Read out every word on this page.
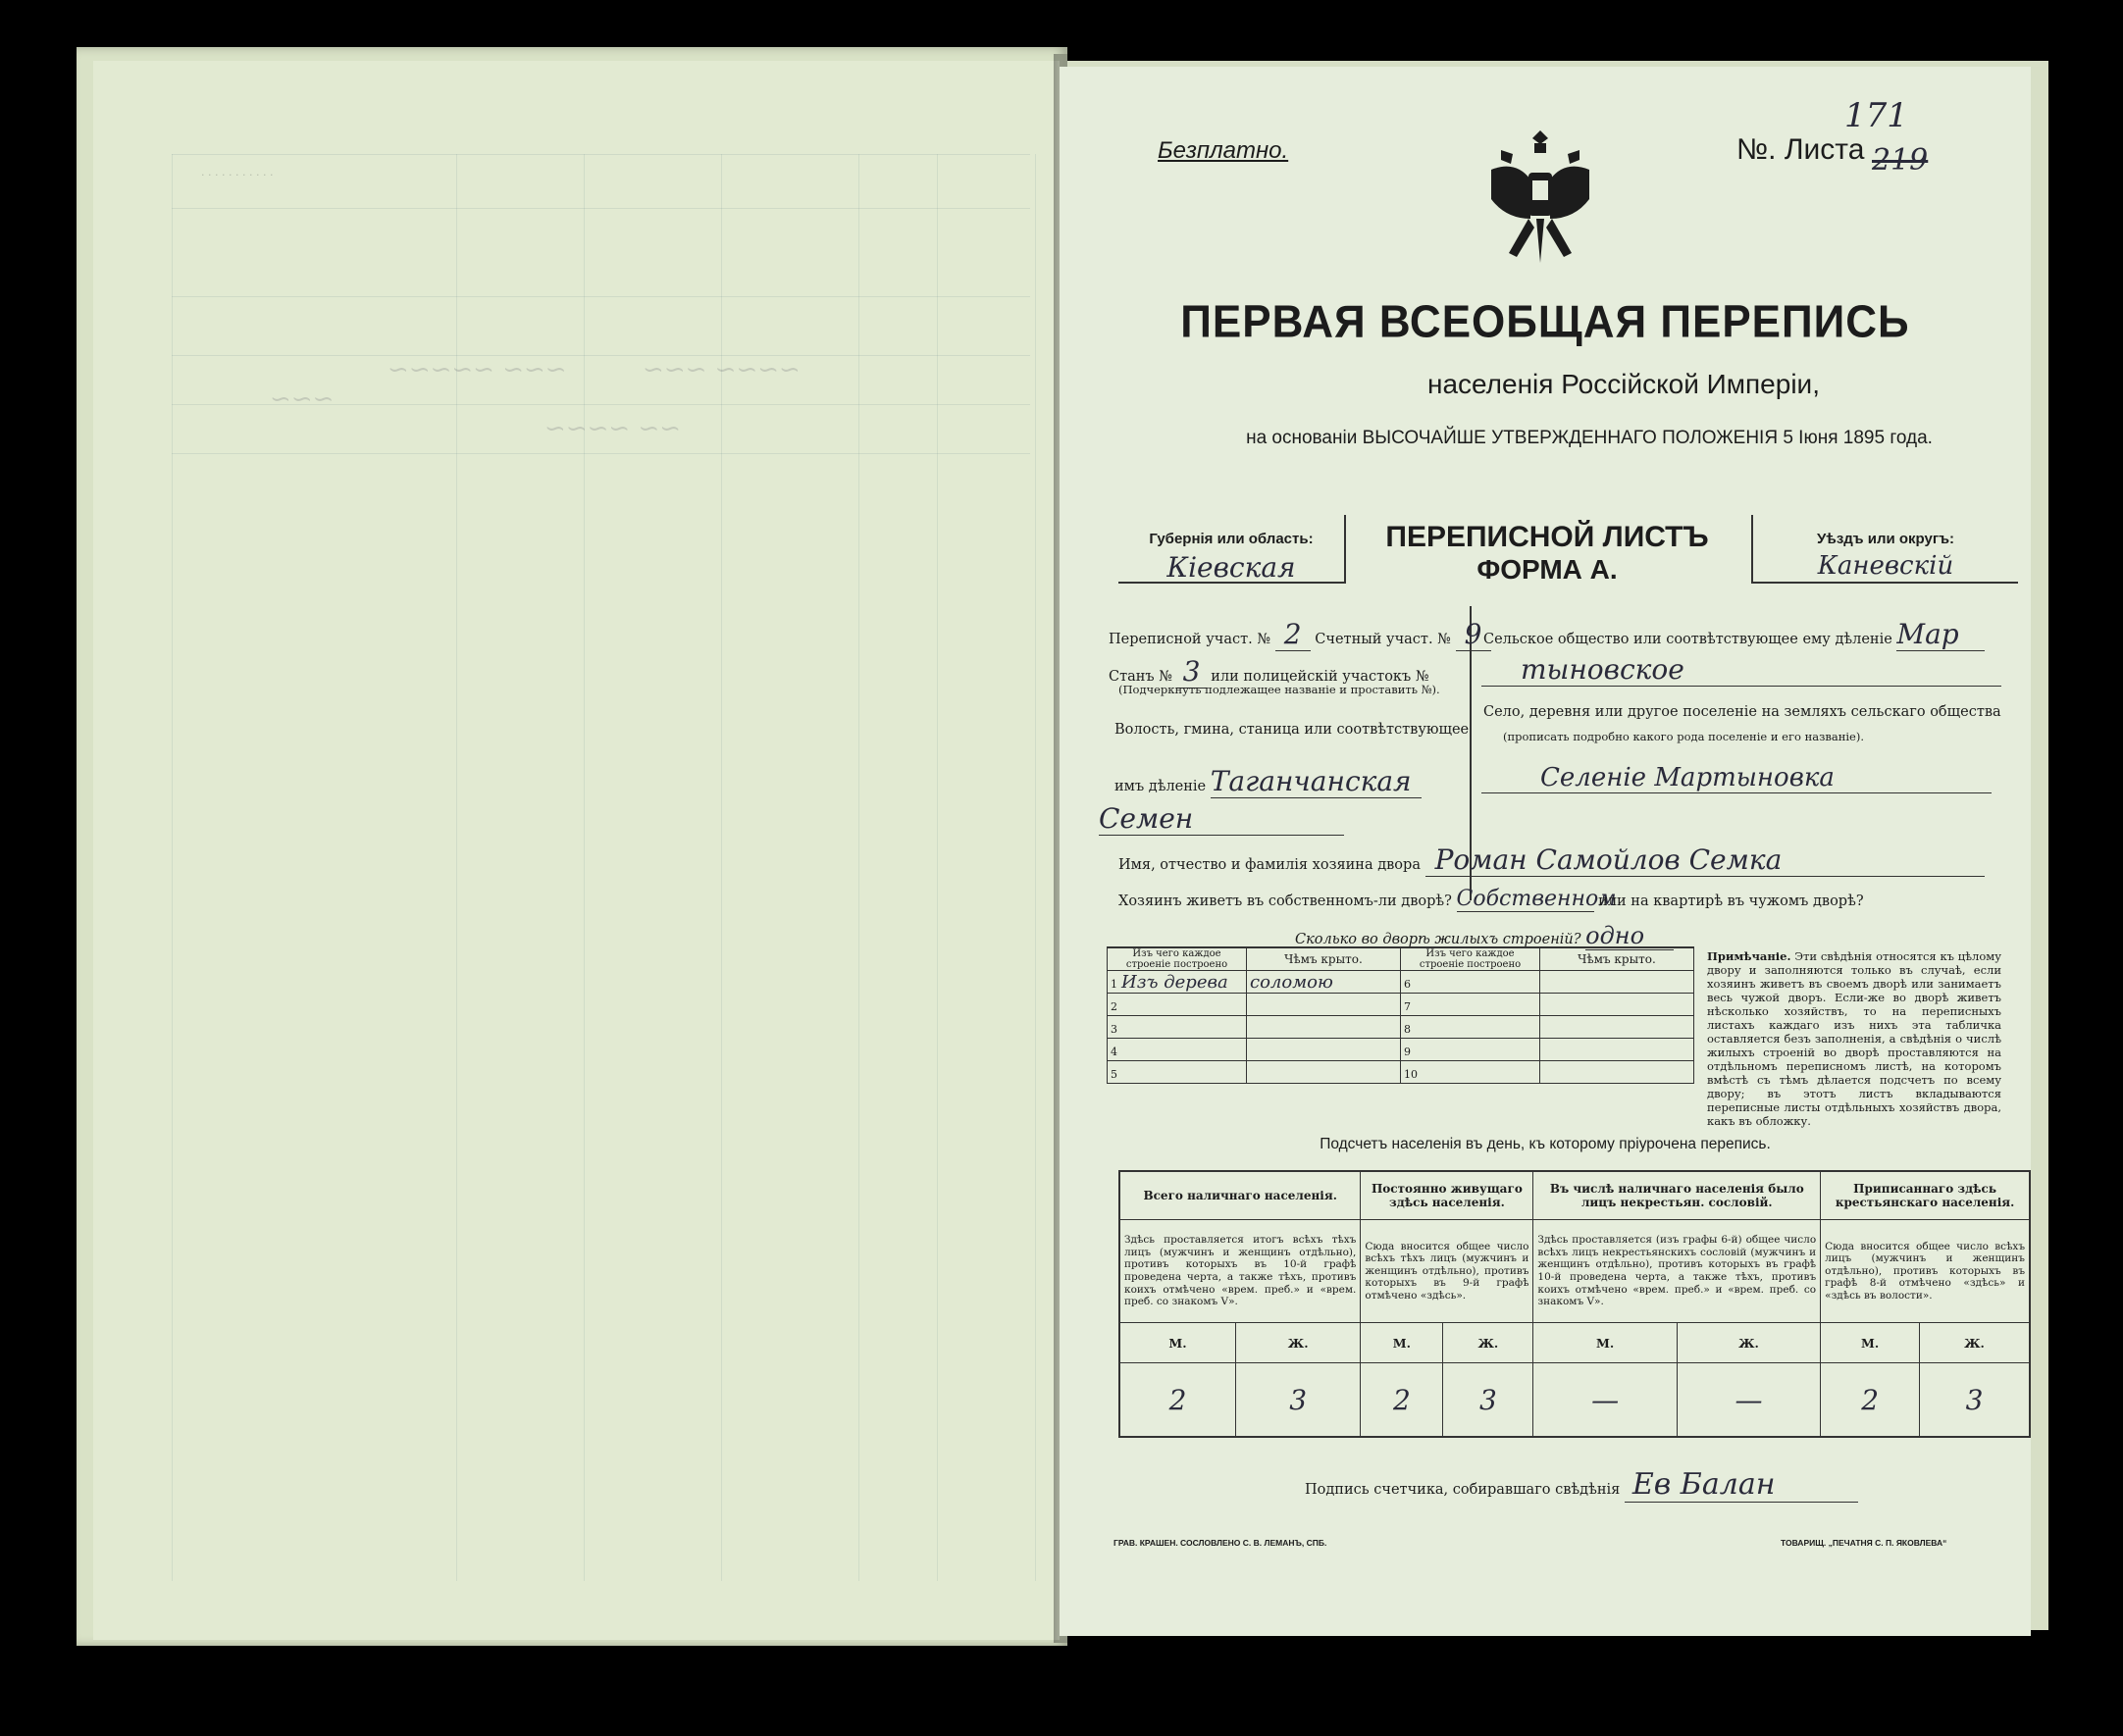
· · · · · · · · · · ·
~~~ ~~~~~	~~~~ ~~~
~~ ~~~~
~~~
Безплатно.	№. Листа 219
171
ПЕРВАЯ ВСЕОБЩАЯ ПЕРЕПИСЬ
населенія Россійской Имперіи,
на основаніи ВЫСОЧАЙШЕ УТВЕРЖДЕННАГО ПОЛОЖЕНІЯ 5 Іюня 1895 года.
Губернія или область:
Кіевская
ПЕРЕПИСНОЙ ЛИСТЪ
ФОРМА А.
Уѣздъ или округъ:
Каневскій
Переписной участ. № 2 Счетный участ. № 9
Станъ № 3 или полицейскій участокъ №
(Подчеркнуть подлежащее названіе и проставить №).
Волость, гмина, станица или соотвѣтствующее
имъ дѣленіе Таганчанская
Семен
Сельское общество или соотвѣтствующее ему дѣленіе Мар
тыновское
Село, деревня или другое поселеніе на земляхъ сельскаго общества
(прописать подробно какого рода поселеніе и его названіе).
Селеніе Мартыновка
Имя, отчество и фамилія хозяина двора Роман Самойлов Семка
Хозяинъ живетъ въ собственномъ-ли дворѣ? Собственном или на квартирѣ въ чужомъ дворѣ?
Сколько во дворѣ жилыхъ строеній? одно
Изъ чего каждое строеніе построено	Чѣмъ крыто.	Изъ чего каждое строеніе построено	Чѣмъ крыто.
1 Изъ дерева	соломою	6	
2		7	
3		8	
4		9	
5		10	
Примѣчаніе. Эти свѣдѣнія относятся къ цѣлому двору и заполняются только въ случаѣ, если хозяинъ живетъ въ своемъ дворѣ или занимаетъ весь чужой дворъ. Если-же во дворѣ живетъ нѣсколько хозяйствъ, то на переписныхъ листахъ каждаго изъ нихъ эта табличка оставляется безъ заполненія, а свѣдѣнія о числѣ жилыхъ строеній во дворѣ проставляются на отдѣльномъ переписномъ листѣ, на которомъ вмѣстѣ съ тѣмъ дѣлается подсчетъ по всему двору; въ этотъ листъ вкладываются переписные листы отдѣльныхъ хозяйствъ двора, какъ въ обложку.
Подсчетъ населенія въ день, къ которому пріурочена перепись.
Всего наличнаго населенія.		Постоянно живущаго здѣсь населенія.		Въ числѣ наличнаго населенія было лицъ некрестьян. сословій.		Приписаннаго здѣсь крестьянскаго населенія.	
Здѣсь проставляется итогъ всѣхъ тѣхъ лицъ (мужчинъ и женщинъ отдѣльно), противъ которыхъ въ 10-й графѣ проведена черта, а также тѣхъ, противъ коихъ отмѣчено «врем. преб.» и «врем. преб. со знакомъ V».		Сюда вносится общее число всѣхъ тѣхъ лицъ (мужчинъ и женщинъ отдѣльно), противъ которыхъ въ 9-й графѣ отмѣчено «здѣсь».		Здѣсь проставляется (изъ графы 6-й) общее число всѣхъ лицъ некрестьянскихъ сословій (мужчинъ и женщинъ отдѣльно), противъ которыхъ въ графѣ 10-й проведена черта, а также тѣхъ, противъ коихъ отмѣчено «врем. преб.» и «врем. преб. со знакомъ V».		Сюда вносится общее число всѣхъ лицъ (мужчинъ и женщинъ отдѣльно), противъ которыхъ въ графѣ 8-й отмѣчено «здѣсь» и «здѣсь въ волости».	
М.	Ж.	М.	Ж.	М.	Ж.	М.	Ж.
2	3	2	3	—	—	2	3
Подпись счетчика, собиравшаго свѣдѣнія Ев Балан
ГРАВ. КРАШЕН. СОСЛОВЛЕНО С. В. ЛЕМАНЪ, СПБ.	ТОВАРИЩ. „ПЕЧАТНЯ С. П. ЯКОВЛЕВА“
